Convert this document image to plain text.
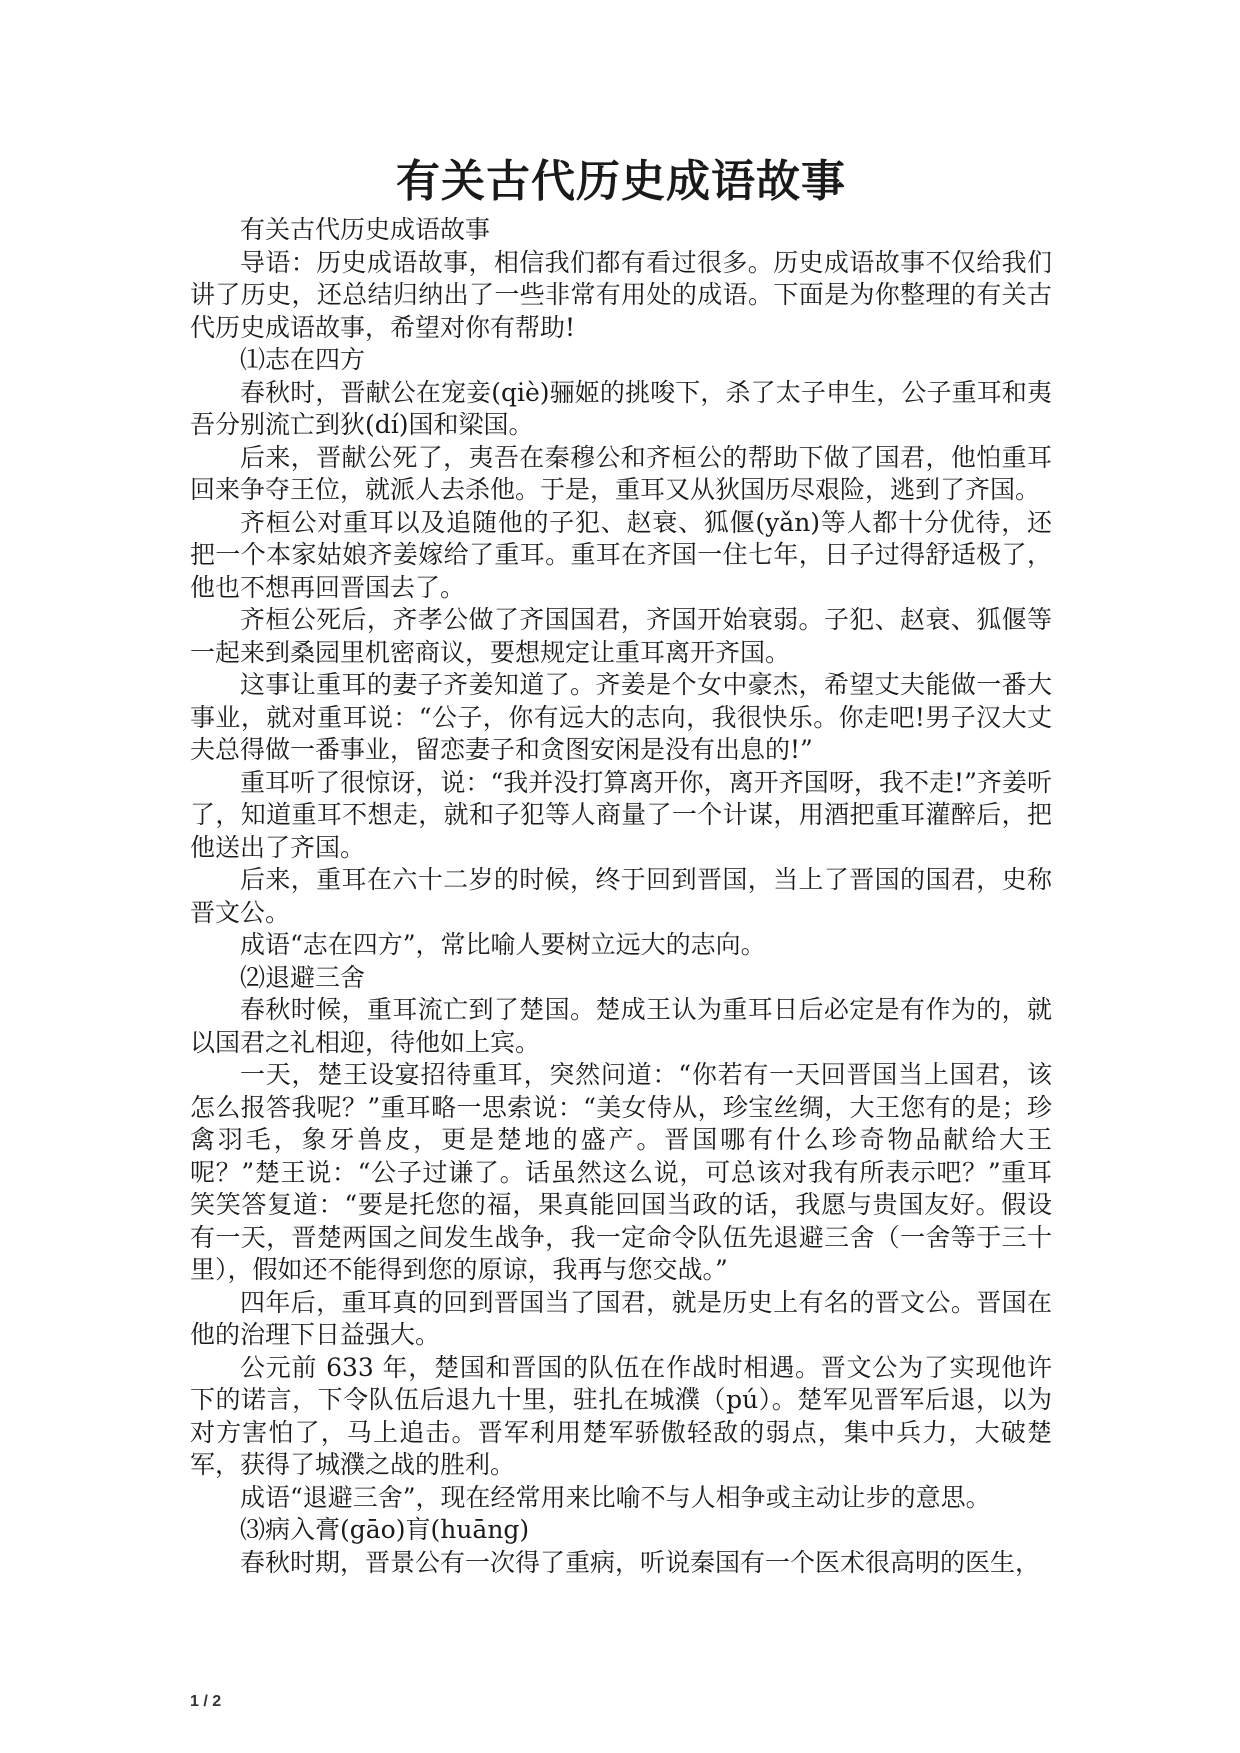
有关古代历史成语故事

有关古代历史成语故事

导语：历史成语故事，相信我们都有看过很多。历史成语故事不仅给我们讲了历史，还总结归纳出了一些非常有用处的成语。下面是为你整理的有关古代历史成语故事，希望对你有帮助!

⑴志在四方

春秋时，晋献公在宠妾(qiè)骊姬的挑唆下，杀了太子申生，公子重耳和夷吾分别流亡到狄(dí)国和梁国。

后来，晋献公死了，夷吾在秦穆公和齐桓公的帮助下做了国君，他怕重耳回来争夺王位，就派人去杀他。于是，重耳又从狄国历尽艰险，逃到了齐国。

齐桓公对重耳以及追随他的子犯、赵衰、狐偃(yǎn)等人都十分优待，还把一个本家姑娘齐姜嫁给了重耳。重耳在齐国一住七年，日子过得舒适极了，他也不想再回晋国去了。

齐桓公死后，齐孝公做了齐国国君，齐国开始衰弱。子犯、赵衰、狐偃等一起来到桑园里机密商议，要想规定让重耳离开齐国。

这事让重耳的妻子齐姜知道了。齐姜是个女中豪杰，希望丈夫能做一番大事业，就对重耳说：“公子，你有远大的志向，我很快乐。你走吧!男子汉大丈夫总得做一番事业，留恋妻子和贪图安闲是没有出息的!”

重耳听了很惊讶，说：“我并没打算离开你，离开齐国呀，我不走!”齐姜听了，知道重耳不想走，就和子犯等人商量了一个计谋，用酒把重耳灌醉后，把他送出了齐国。

后来，重耳在六十二岁的时候，终于回到晋国，当上了晋国的国君，史称晋文公。

成语“志在四方”，常比喻人要树立远大的志向。

⑵退避三舍

春秋时候，重耳流亡到了楚国。楚成王认为重耳日后必定是有作为的，就以国君之礼相迎，待他如上宾。

一天，楚王设宴招待重耳，突然问道：“你若有一天回晋国当上国君，该怎么报答我呢？”重耳略一思索说：“美女侍从，珍宝丝绸，大王您有的是；珍禽羽毛，象牙兽皮，更是楚地的盛产。晋国哪有什么珍奇物品献给大王呢？”楚王说：“公子过谦了。话虽然这么说，可总该对我有所表示吧？”重耳笑笑答复道：“要是托您的福，果真能回国当政的话，我愿与贵国友好。假设有一天，晋楚两国之间发生战争，我一定命令队伍先退避三舍（一舍等于三十里），假如还不能得到您的原谅，我再与您交战。”

四年后，重耳真的回到晋国当了国君，就是历史上有名的晋文公。晋国在他的治理下日益强大。

公元前 633 年，楚国和晋国的队伍在作战时相遇。晋文公为了实现他许下的诺言，下令队伍后退九十里，驻扎在城濮（pú）。楚军见晋军后退，以为对方害怕了，马上追击。晋军利用楚军骄傲轻敌的弱点，集中兵力，大破楚军，获得了城濮之战的胜利。

成语“退避三舍”，现在经常用来比喻不与人相争或主动让步的意思。

⑶病入膏(gāo)肓(huāng)

春秋时期，晋景公有一次得了重病，听说秦国有一个医术很高明的医生，

1 / 2
